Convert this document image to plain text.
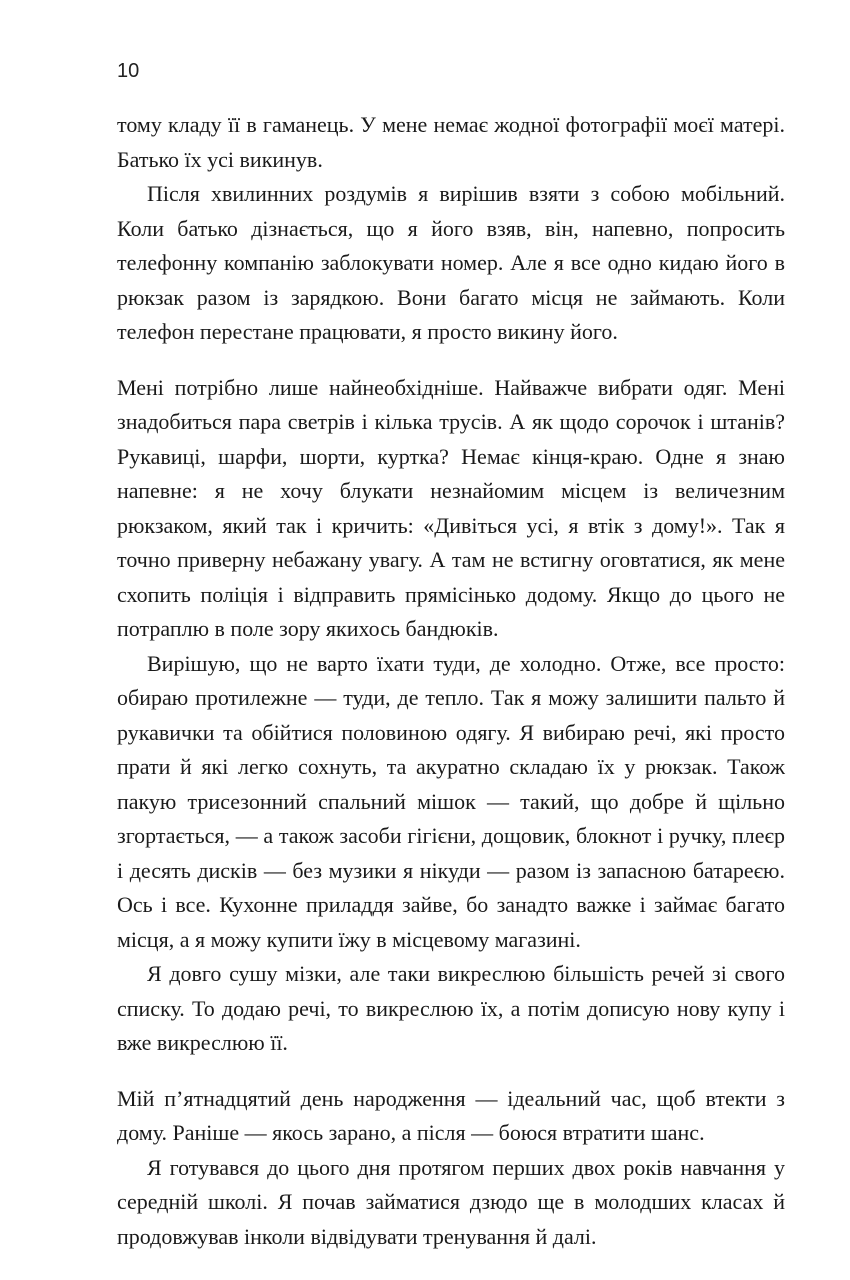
10

тому кладу її в гаманець. У мене немає жодної фотографії моєї матері. Батько їх усі викинув.

Після хвилинних роздумів я вирішив взяти з собою мобільний. Коли батько дізнається, що я його взяв, він, напевно, попросить телефонну компанію заблокувати номер. Але я все одно кидаю його в рюкзак разом із зарядкою. Вони багато місця не займають. Коли телефон перестане працювати, я просто викину його.

Мені потрібно лише найнеобхідніше. Найважче вибрати одяг. Мені знадобиться пара светрів і кілька трусів. А як щодо сорочок і штанів? Рукавиці, шарфи, шорти, куртка? Немає кінця-краю. Одне я знаю напевне: я не хочу блукати незнайомим місцем із величезним рюкзаком, який так і кричить: «Дивіться усі, я втік з дому!». Так я точно приверну небажану увагу. А там не встигну оговтатися, як мене схопить поліція і відправить прямісінько додому. Якщо до цього не потраплю в поле зору якихось бандюків.

Вирішую, що не варто їхати туди, де холодно. Отже, все просто: обираю протилежне — туди, де тепло. Так я можу залишити пальто й рукавички та обійтися половиною одягу. Я вибираю речі, які просто прати й які легко сохнуть, та акуратно складаю їх у рюкзак. Також пакую трисезонний спальний мішок — такий, що добре й щільно згортається, — а також засоби гігієни, дощовик, блокнот і ручку, плеєр і десять дисків — без музики я нікуди — разом із запасною батареєю. Ось і все. Кухонне приладдя зайве, бо занадто важке і займає багато місця, а я можу купити їжу в місцевому магазині.

Я довго сушу мізки, але таки викреслюю більшість речей зі свого списку. То додаю речі, то викреслюю їх, а потім дописую нову купу і вже викреслюю її.

Мій п’ятнадцятий день народження — ідеальний час, щоб втекти з дому. Раніше — якось зарано, а після — боюся втратити шанс.

Я готувався до цього дня протягом перших двох років навчання у середній школі. Я почав займатися дзюдо ще в молодших класах й продовжував інколи відвідувати тренування й далі.
